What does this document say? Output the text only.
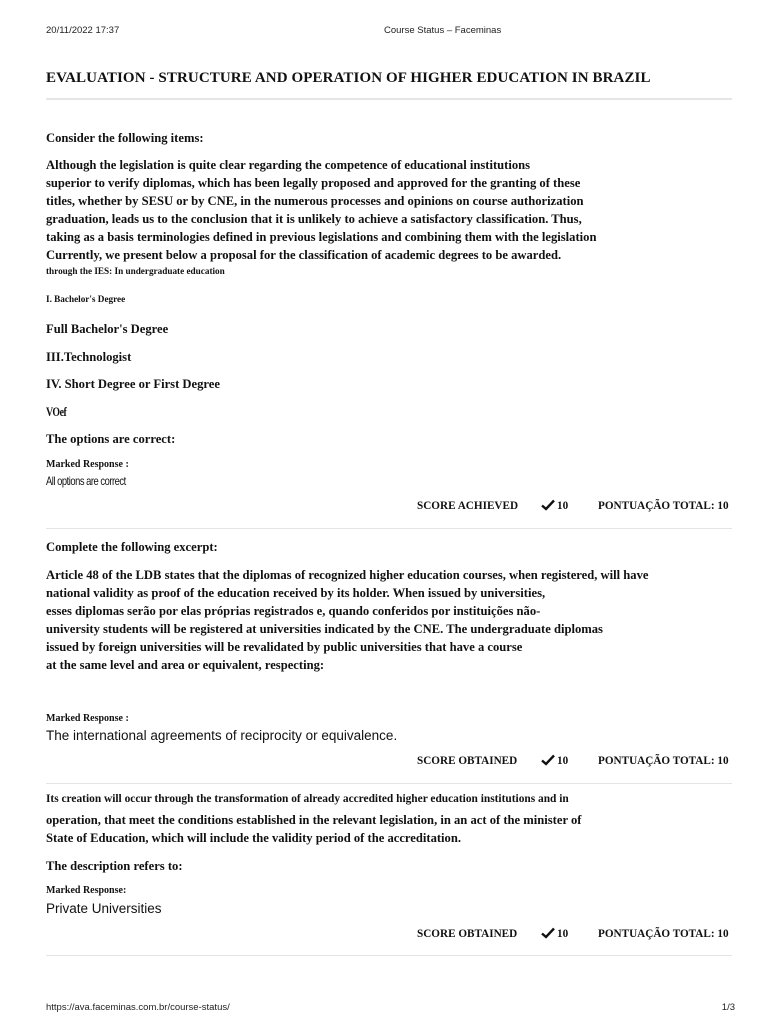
20/11/2022 17:37	Course Status – Faceminas
EVALUATION - STRUCTURE AND OPERATION OF HIGHER EDUCATION IN BRAZIL
Consider the following items:
Although the legislation is quite clear regarding the competence of educational institutions
superior to verify diplomas, which has been legally proposed and approved for the granting of these
titles, whether by SESU or by CNE, in the numerous processes and opinions on course authorization
graduation, leads us to the conclusion that it is unlikely to achieve a satisfactory classification. Thus,
taking as a basis terminologies defined in previous legislations and combining them with the legislation
Currently, we present below a proposal for the classification of academic degrees to be awarded.
through the IES: In undergraduate education
I. Bachelor's Degree
Full Bachelor's Degree
III.Technologist
IV. Short Degree or First Degree
VOef
The options are correct:
Marked Response :
All options are correct
SCORE ACHIEVED	10	PONTUAÇÃO TOTAL: 10
Complete the following excerpt:
Article 48 of the LDB states that the diplomas of recognized higher education courses, when registered, will have
national validity as proof of the education received by its holder. When issued by universities,
esses diplomas serão por elas próprias registrados e, quando conferidos por instituições não-
university students will be registered at universities indicated by the CNE. The undergraduate diplomas
issued by foreign universities will be revalidated by public universities that have a course
at the same level and area or equivalent, respecting:
Marked Response :
The international agreements of reciprocity or equivalence.
SCORE OBTAINED	10	PONTUAÇÃO TOTAL: 10
Its creation will occur through the transformation of already accredited higher education institutions and in
operation, that meet the conditions established in the relevant legislation, in an act of the minister of
State of Education, which will include the validity period of the accreditation.
The description refers to:
Marked Response:
Private Universities
SCORE OBTAINED	10	PONTUAÇÃO TOTAL: 10
https://ava.faceminas.com.br/course-status/	1/3
